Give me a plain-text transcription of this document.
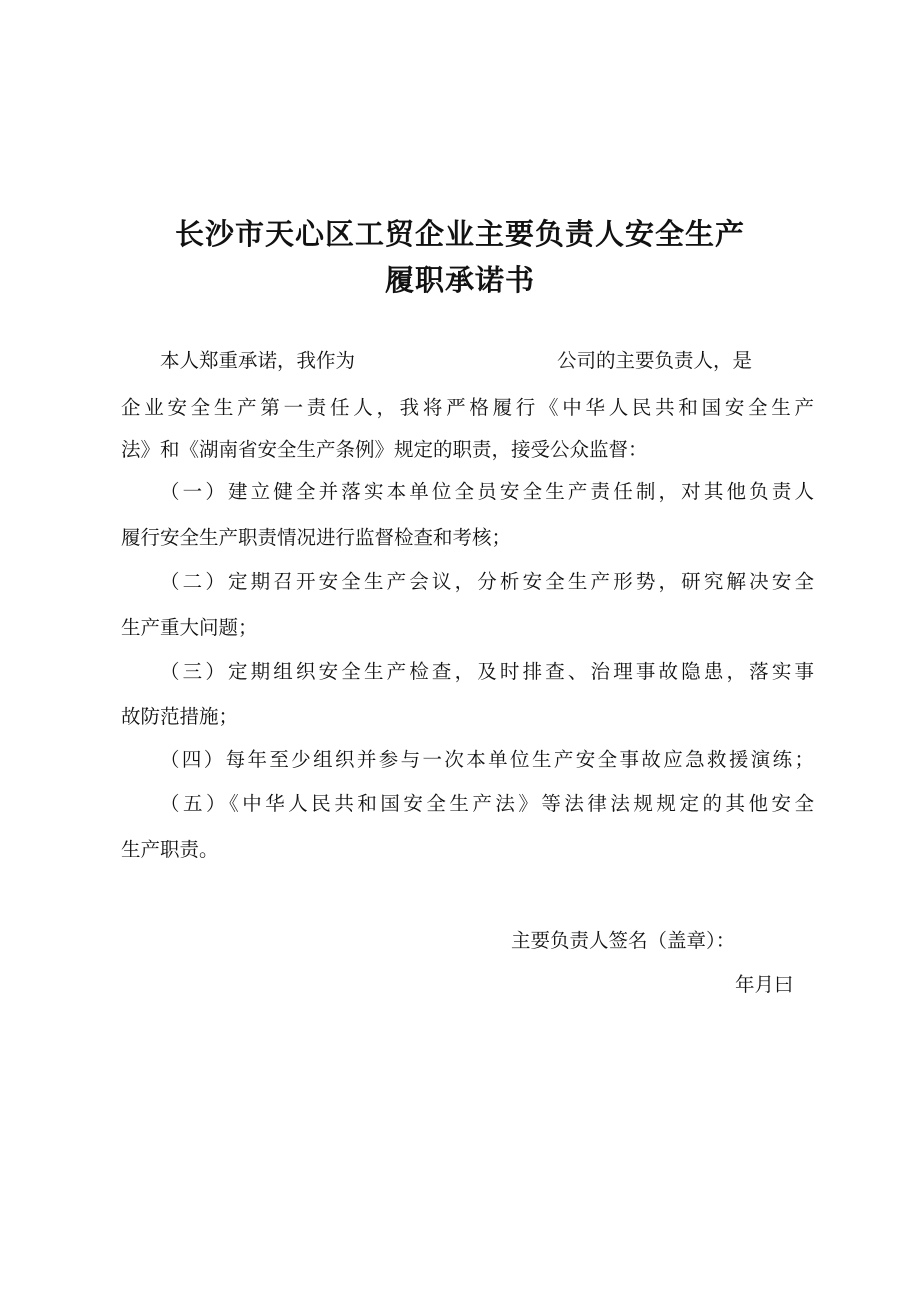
长沙市天心区工贸企业主要负责人安全生产
履职承诺书
本人郑重承诺，我作为	公司的主要负责人，是
企业安全生产第一责任人，我将严格履行《中华人民共和国安全生产
法》和《湖南省安全生产条例》规定的职责，接受公众监督：
（一）建立健全并落实本单位全员安全生产责任制，对其他负责人
履行安全生产职责情况进行监督检查和考核；
（二）定期召开安全生产会议，分析安全生产形势，研究解决安全
生产重大问题；
（三）定期组织安全生产检查，及时排查、治理事故隐患，落实事
故防范措施；
（四）每年至少组织并参与一次本单位生产安全事故应急救援演练；
（五）《中华人民共和国安全生产法》等法律法规规定的其他安全
生产职责。
主要负责人签名（盖章）：
年月曰
